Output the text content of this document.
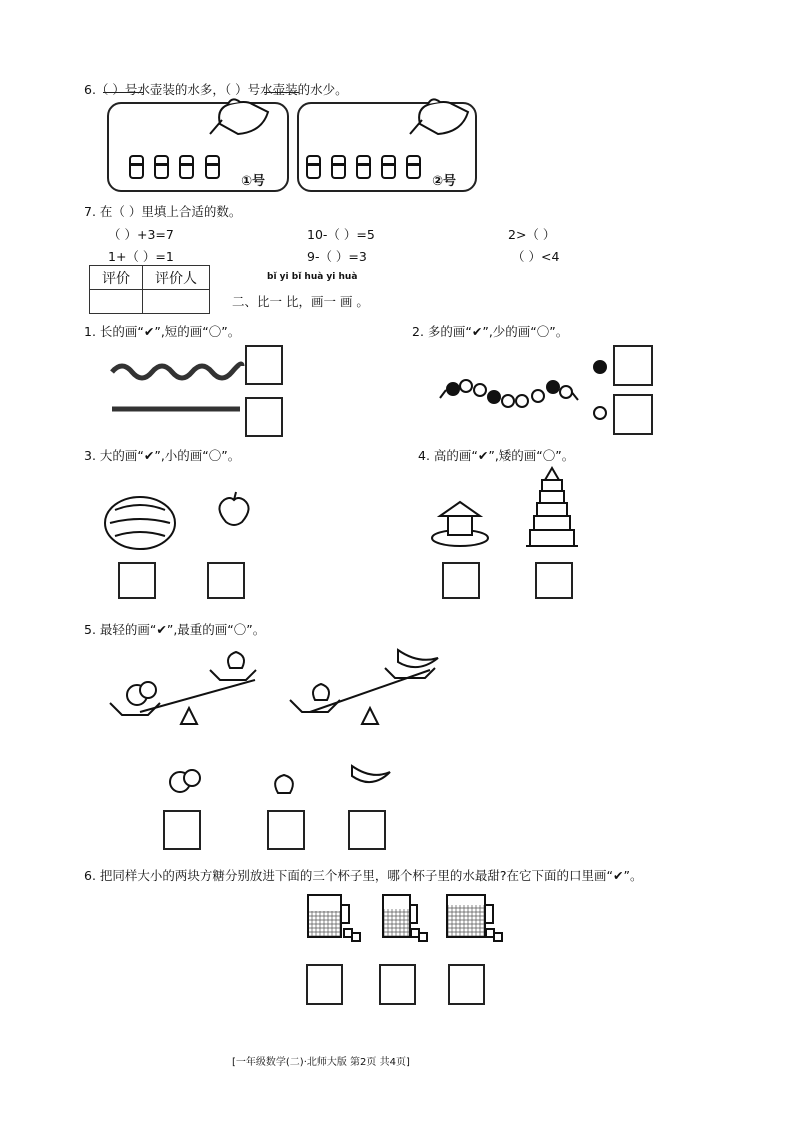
6.（ ）号水壶装的水多，（ ）号水壶装的水少。
①号	②号
7. 在（ ）里填上合适的数。
（ ）+3=7	10-（ ）=5	2>（ ）
1+（ ）=1	9-（ ）=3	（ ）<4
评价	评价人
		bǐ yi bǐ huà yi huà
二、比一 比，画一 画 。
1. 长的画“✔”,短的画“〇”。	2. 多的画“✔”,少的画“〇”。
3. 大的画“✔”,小的画“〇”。	4. 高的画“✔”,矮的画“〇”。
5. 最轻的画“✔”,最重的画“〇”。
6. 把同样大小的两块方糖分别放进下面的三个杯子里，哪个杯子里的水最甜?在它下面的口里画“✔”。
[一年级数学(二)·北师大版 第2页 共4页]
